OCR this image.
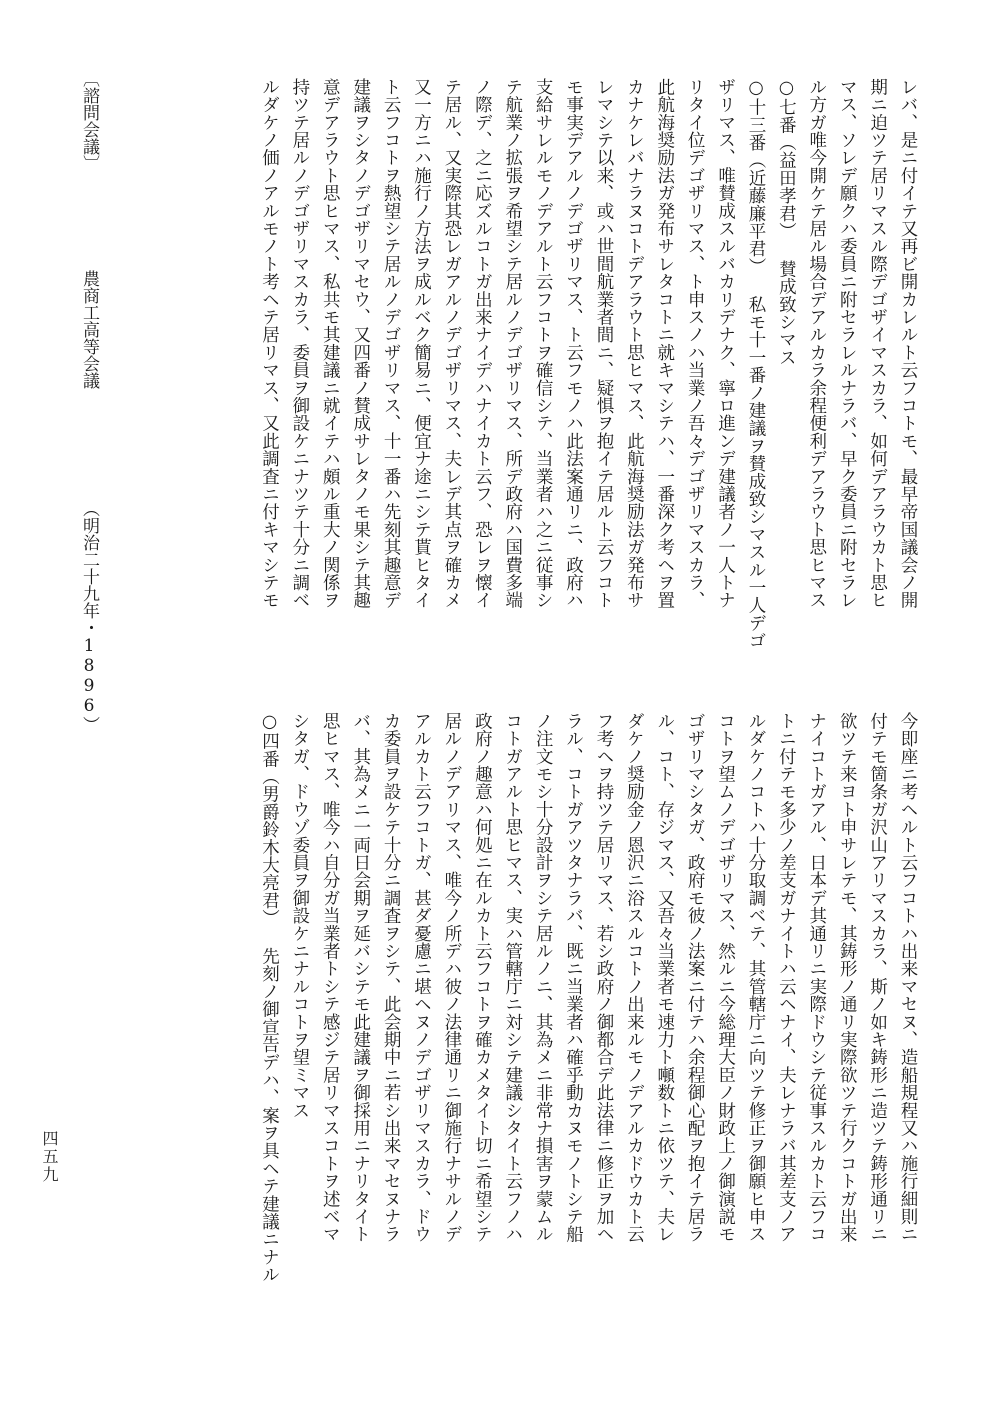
レバ、是ニ付イテ又再ビ開カレルト云フコトモ、最早帝国議会ノ開
期ニ迫ツテ居リマスル際デゴザイマスカラ、如何デアラウカト思ヒ
マス、ソレデ願クハ委員ニ附セラレルナラバ、早ク委員ニ附セラレ
ル方ガ唯今開ケテ居ル場合デアルカラ余程便利デアラウト思ヒマス
○七番（益田孝君） 賛成致シマス
○十三番（近藤廉平君） 私モ十一番ノ建議ヲ賛成致シマスル一人デゴ
ザリマス、唯賛成スルバカリデナク、寧ロ進ンデ建議者ノ一人トナ
リタイ位デゴザリマス、ト申スノハ当業ノ吾々デゴザリマスカラ、
此航海奨励法ガ発布サレタコトニ就キマシテハ、一番深ク考ヘヲ置
カナケレバナラヌコトデアラウト思ヒマス、此航海奨励法ガ発布サ
レマシテ以来、或ハ世間航業者間ニ、疑惧ヲ抱イテ居ルト云フコト
モ事実デアルノデゴザリマス、ト云フモノハ此法案通リニ、政府ハ
支給サレルモノデアルト云フコトヲ確信シテ、当業者ハ之ニ従事シ
テ航業ノ拡張ヲ希望シテ居ルノデゴザリマス、所デ政府ハ国費多端
ノ際デ、之ニ応ズルコトガ出来ナイデハナイカト云フ、恐レヲ懐イ
テ居ル、又実際其恐レガアルノデゴザリマス、夫レデ其点ヲ確カメ
又一方ニハ施行ノ方法ヲ成ルベク簡易ニ、便宜ナ途ニシテ貰ヒタイ
ト云フコトヲ熱望シテ居ルノデゴザリマス、十一番ハ先刻其趣意デ
建議ヲシタノデゴザリマセウ、又四番ノ賛成サレタノモ果シテ其趣
意デアラウト思ヒマス、私共モ其建議ニ就イテハ頗ル重大ノ関係ヲ
持ツテ居ルノデゴザリマスカラ、委員ヲ御設ケニナツテ十分ニ調ベ
ルダケノ価ノアルモノト考ヘテ居リマス、又此調査ニ付キマシテモ
今即座ニ考ヘルト云フコトハ出来マセヌ、造船規程又ハ施行細則ニ
付テモ箇条ガ沢山アリマスカラ、斯ノ如キ鋳形ニ造ツテ鋳形通リニ
欲ツテ来ヨト申サレテモ、其鋳形ノ通リ実際欲ツテ行クコトガ出来
ナイコトガアル、日本デ其通リニ実際ドウシテ従事スルカト云フコ
トニ付テモ多少ノ差支ガナイトハ云ヘナイ、夫レナラバ其差支ノア
ルダケノコトハ十分取調ベテ、其管轄庁ニ向ツテ修正ヲ御願ヒ申ス
コトヲ望ムノデゴザリマス、然ルニ今総理大臣ノ財政上ノ御演説モ
ゴザリマシタガ、政府モ彼ノ法案ニ付テハ余程御心配ヲ抱イテ居ラ
ル、コト、存ジマス、又吾々当業者モ速力ト噸数トニ依ツテ、夫レ
ダケノ奨励金ノ恩沢ニ浴スルコトノ出来ルモノデアルカドウカト云
フ考ヘヲ持ツテ居リマス、若シ政府ノ御都合デ此法律ニ修正ヲ加ヘ
ラル、コトガアツタナラバ、既ニ当業者ハ確乎動カヌモノトシテ船
ノ注文モシ十分設計ヲシテ居ルノニ、其為メニ非常ナ損害ヲ蒙ムル
コトガアルト思ヒマス、実ハ管轄庁ニ対シテ建議シタイト云フノハ
政府ノ趣意ハ何処ニ在ルカト云フコトヲ確カメタイト切ニ希望シテ
居ルノデアリマス、唯今ノ所デハ彼ノ法律通リニ御施行ナサルノデ
アルカト云フコトガ、甚ダ憂慮ニ堪ヘヌノデゴザリマスカラ、ドウ
カ委員ヲ設ケテ十分ニ調査ヲシテ、此会期中ニ若シ出来マセヌナラ
バ、其為メニ一両日会期ヲ延バシテモ此建議ヲ御採用ニナリタイト
思ヒマス、唯今ハ自分ガ当業者トシテ感ジテ居リマスコトヲ述ベマ
シタガ、ドウゾ委員ヲ御設ケニナルコトヲ望ミマス
○四番（男爵鈴木大亮君） 先刻ノ御宣告デハ、案ヲ具ヘテ建議ニナル
〔諮問会議〕
農商工高等会議
（明治二十九年・1896）
四五九
